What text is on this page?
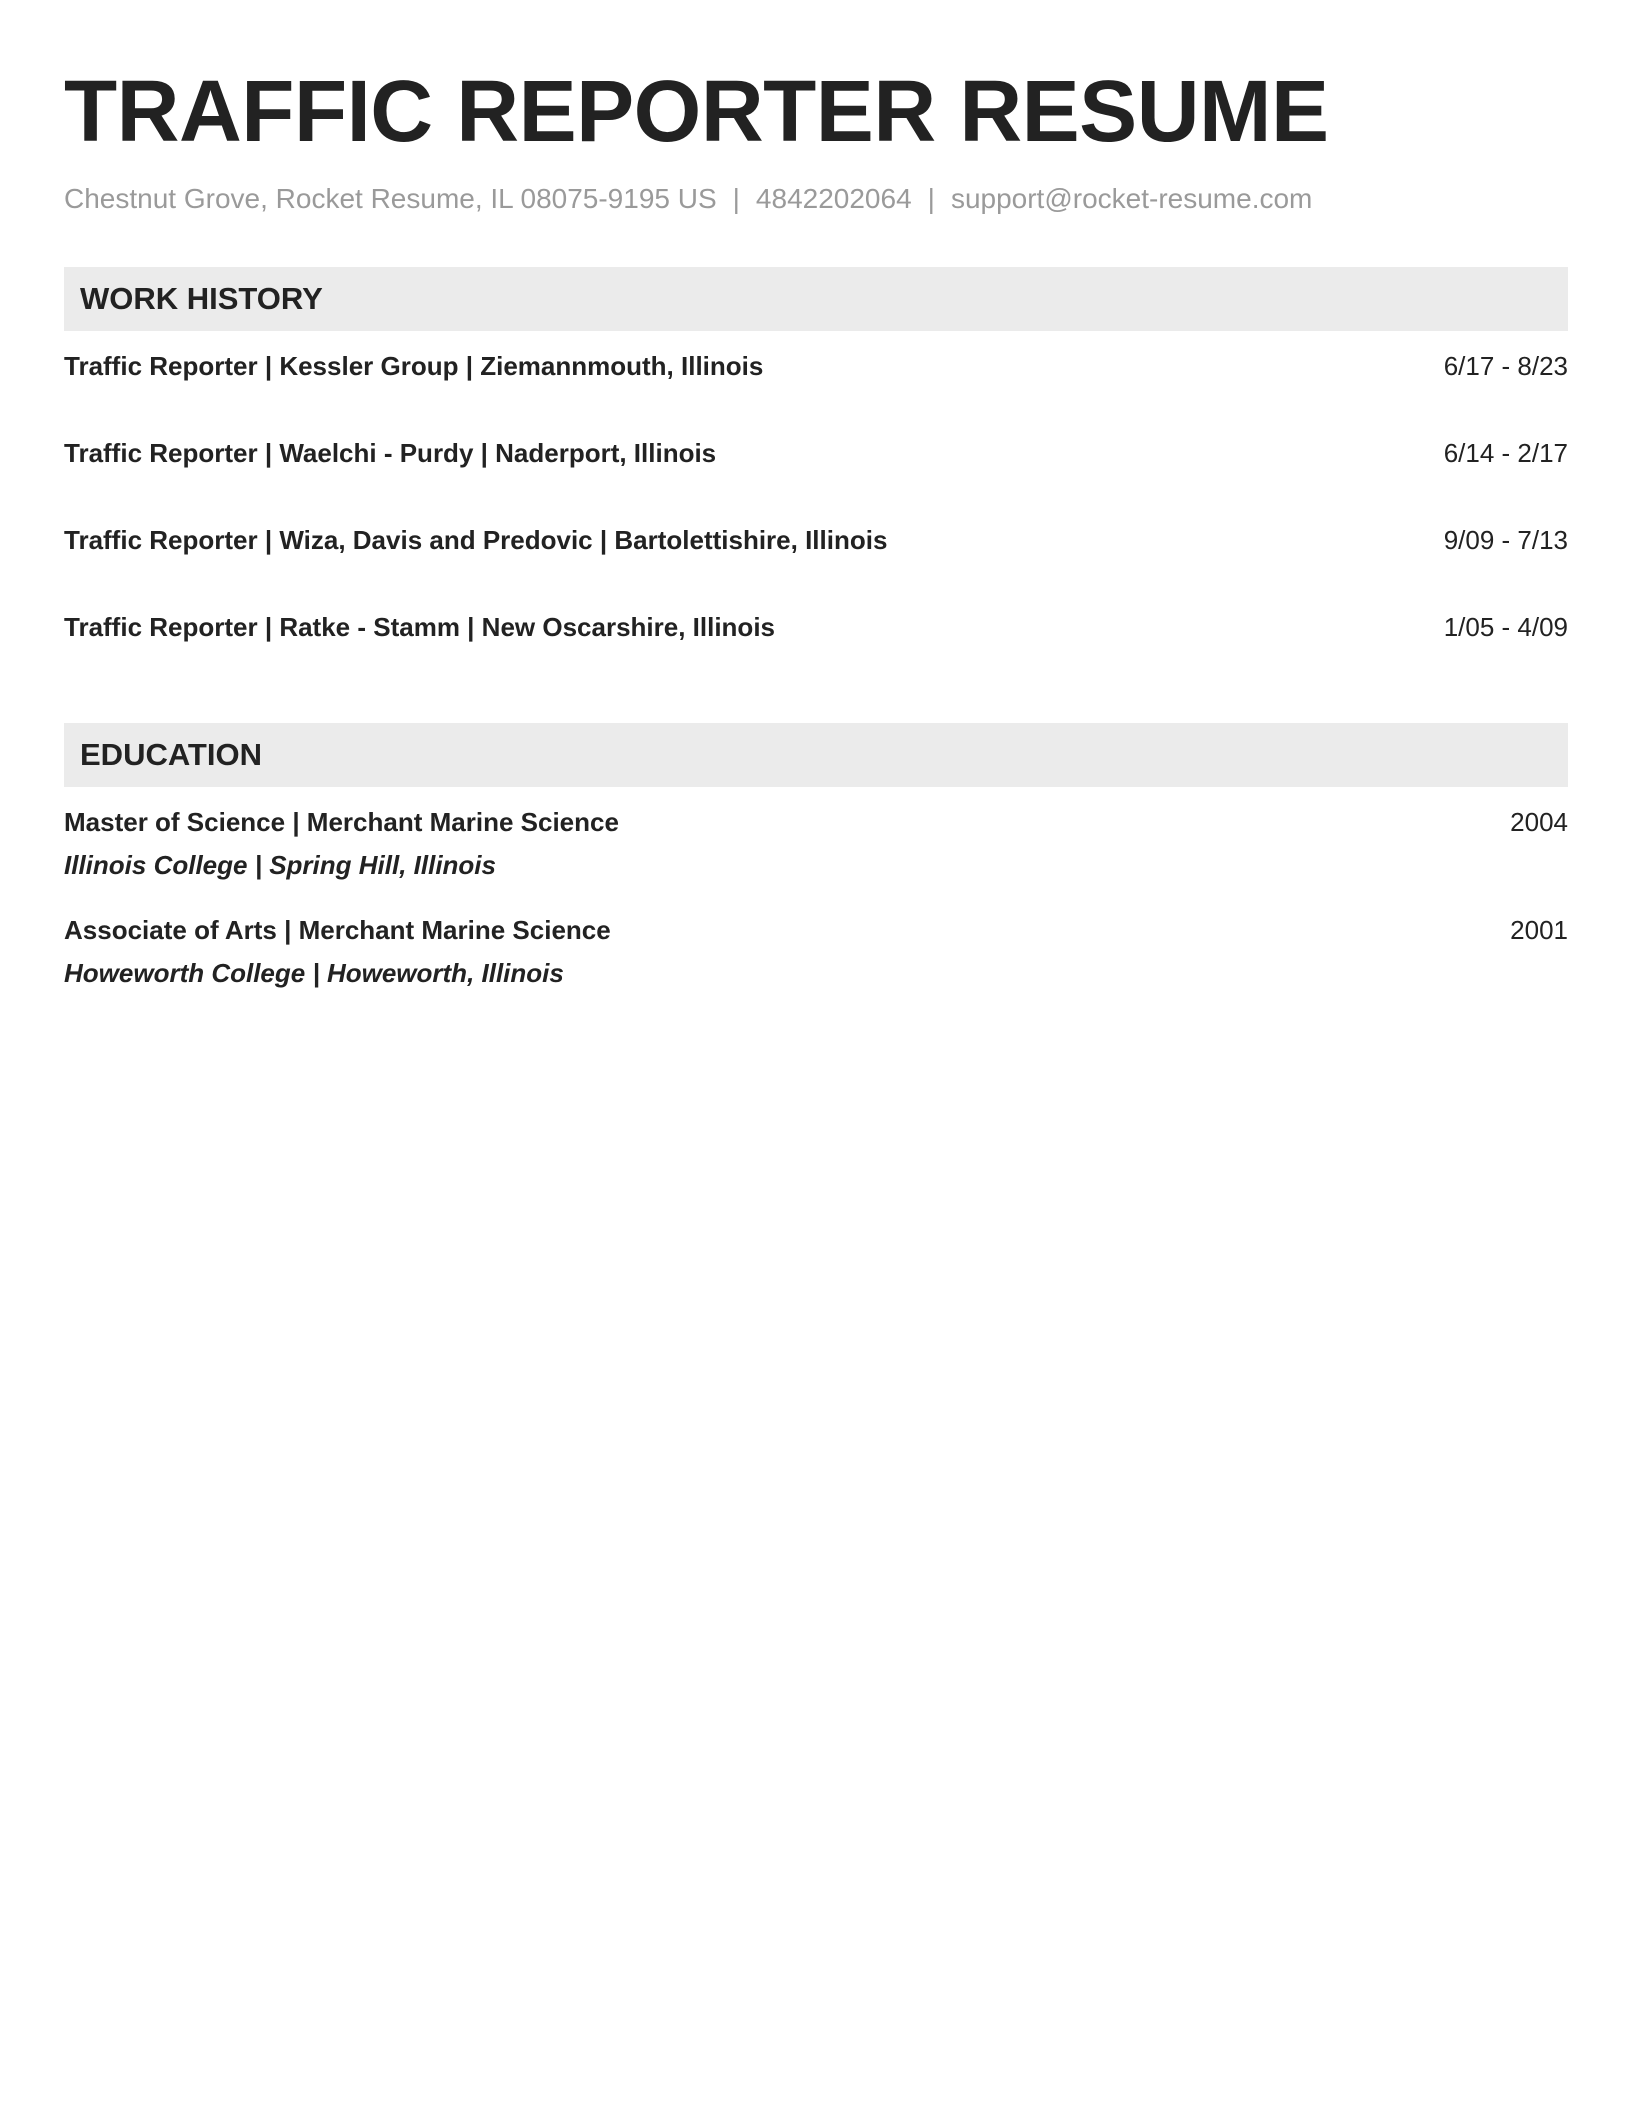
TRAFFIC REPORTER RESUME
Chestnut Grove, Rocket Resume, IL 08075-9195 US | 4842202064 | support@rocket-resume.com
WORK HISTORY
Traffic Reporter | Kessler Group | Ziemannmouth, Illinois	6/17 - 8/23
Traffic Reporter | Waelchi - Purdy | Naderport, Illinois	6/14 - 2/17
Traffic Reporter | Wiza, Davis and Predovic | Bartolettishire, Illinois	9/09 - 7/13
Traffic Reporter | Ratke - Stamm | New Oscarshire, Illinois	1/05 - 4/09
EDUCATION
Master of Science | Merchant Marine Science	2004
Illinois College | Spring Hill, Illinois
Associate of Arts | Merchant Marine Science	2001
Howeworth College | Howeworth, Illinois
